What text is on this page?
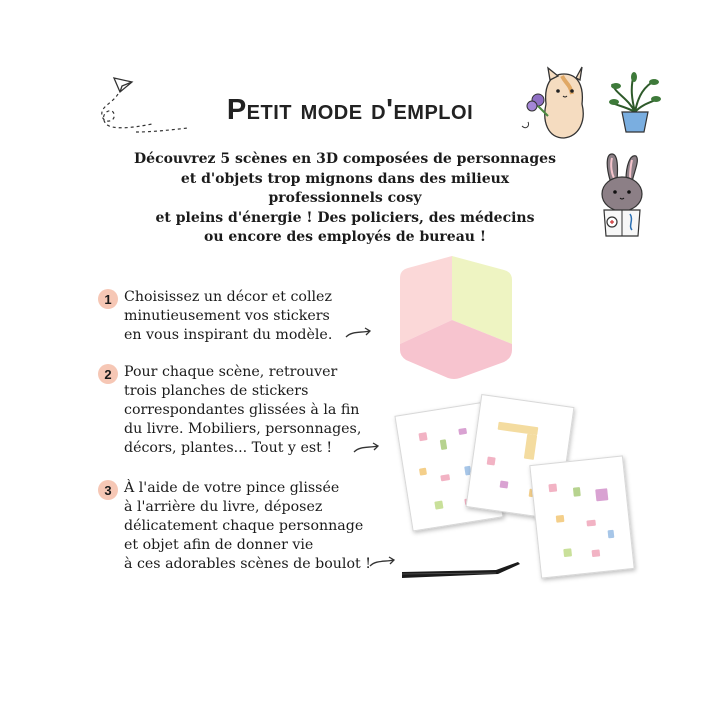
Petit mode d'emploi
Découvrez 5 scènes en 3D composées de personnages
et d'objets trop mignons dans des milieux professionnels cosy
et pleins d'énergie ! Des policiers, des médecins
ou encore des employés de bureau !
1 Choisissez un décor et collez
minutieusement vos stickers
en vous inspirant du modèle.
2 Pour chaque scène, retrouver
trois planches de stickers
correspondantes glissées à la fin
du livre. Mobiliers, personnages,
décors, plantes... Tout y est !
3 À l'aide de votre pince glissée
à l'arrière du livre, déposez
délicatement chaque personnage
et objet afin de donner vie
à ces adorables scènes de boulot !
